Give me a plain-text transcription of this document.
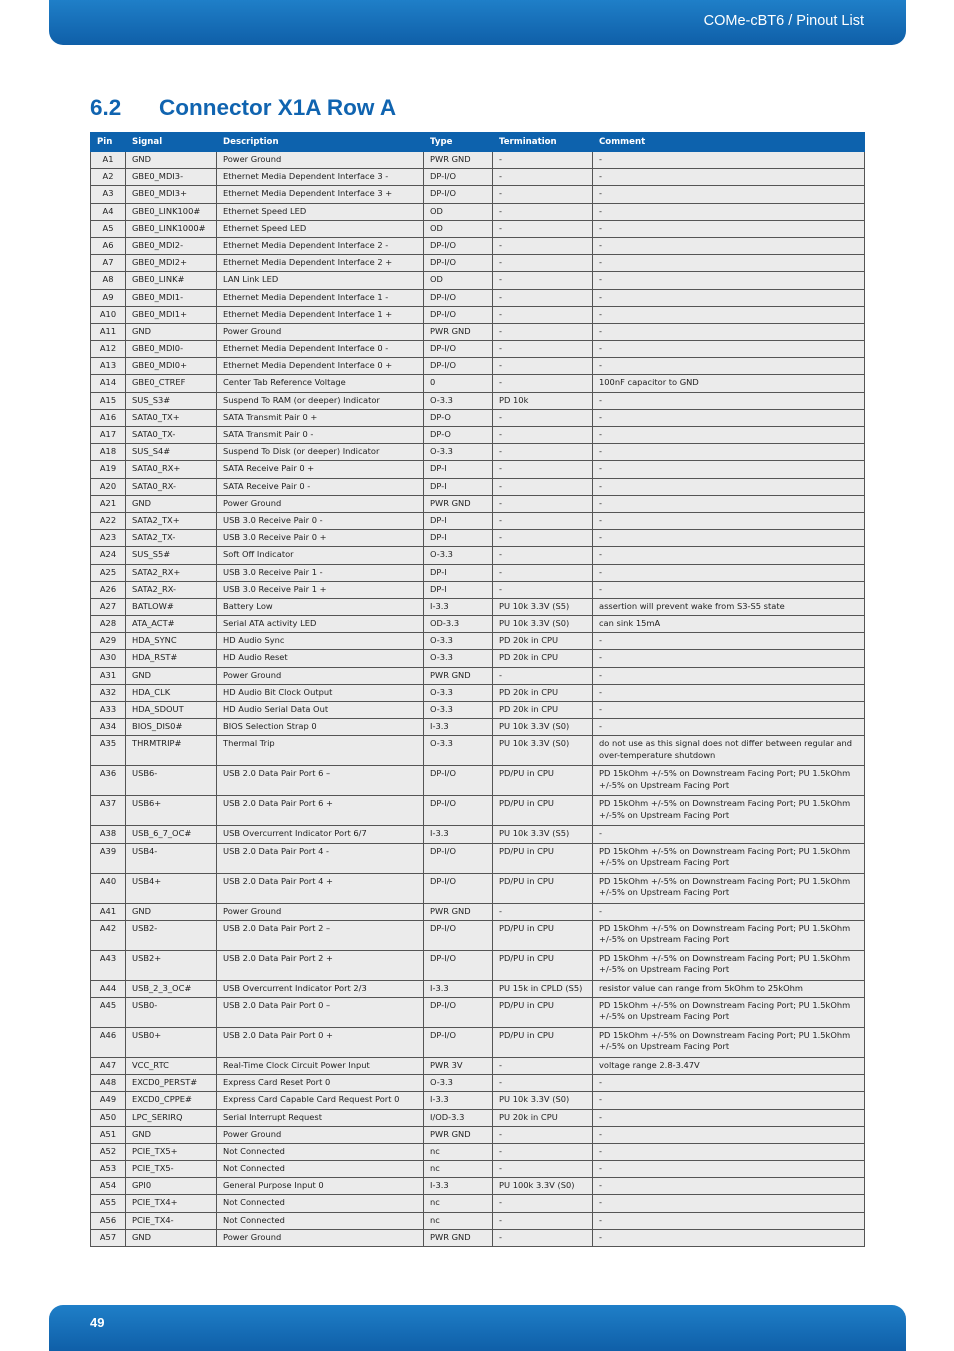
COMe-cBT6 / Pinout List
6.2 Connector X1A Row A
Pin	Signal	Description	Type	Termination	Comment
A1	GND	Power Ground	PWR GND	-	-
A2	GBE0_MDI3-	Ethernet Media Dependent Interface 3 -	DP-I/O	-	-
A3	GBE0_MDI3+	Ethernet Media Dependent Interface 3 +	DP-I/O	-	-
A4	GBE0_LINK100#	Ethernet Speed LED	OD	-	-
A5	GBE0_LINK1000#	Ethernet Speed LED	OD	-	-
A6	GBE0_MDI2-	Ethernet Media Dependent Interface 2 -	DP-I/O	-	-
A7	GBE0_MDI2+	Ethernet Media Dependent Interface 2 +	DP-I/O	-	-
A8	GBE0_LINK#	LAN Link LED	OD	-	-
A9	GBE0_MDI1-	Ethernet Media Dependent Interface 1 -	DP-I/O	-	-
A10	GBE0_MDI1+	Ethernet Media Dependent Interface 1 +	DP-I/O	-	-
A11	GND	Power Ground	PWR GND	-	-
A12	GBE0_MDI0-	Ethernet Media Dependent Interface 0 -	DP-I/O	-	-
A13	GBE0_MDI0+	Ethernet Media Dependent Interface 0 +	DP-I/O	-	-
A14	GBE0_CTREF	Center Tab Reference Voltage	0	-	100nF capacitor to GND
A15	SUS_S3#	Suspend To RAM (or deeper) Indicator	O-3.3	PD 10k	-
A16	SATA0_TX+	SATA Transmit Pair 0 +	DP-O	-	-
A17	SATA0_TX-	SATA Transmit Pair 0 -	DP-O	-	-
A18	SUS_S4#	Suspend To Disk (or deeper) Indicator	O-3.3	-	-
A19	SATA0_RX+	SATA Receive Pair 0 +	DP-I	-	-
A20	SATA0_RX-	SATA Receive Pair 0 -	DP-I	-	-
A21	GND	Power Ground	PWR GND	-	-
A22	SATA2_TX+	USB 3.0 Receive Pair 0 -	DP-I	-	-
A23	SATA2_TX-	USB 3.0 Receive Pair 0 +	DP-I	-	-
A24	SUS_S5#	Soft Off Indicator	O-3.3	-	-
A25	SATA2_RX+	USB 3.0 Receive Pair 1 -	DP-I	-	-
A26	SATA2_RX-	USB 3.0 Receive Pair 1 +	DP-I	-	-
A27	BATLOW#	Battery Low	I-3.3	PU 10k 3.3V (S5)	assertion will prevent wake from S3-S5 state
A28	ATA_ACT#	Serial ATA activity LED	OD-3.3	PU 10k 3.3V (S0)	can sink 15mA
A29	HDA_SYNC	HD Audio Sync	O-3.3	PD 20k in CPU	-
A30	HDA_RST#	HD Audio Reset	O-3.3	PD 20k in CPU	-
A31	GND	Power Ground	PWR GND	-	-
A32	HDA_CLK	HD Audio Bit Clock Output	O-3.3	PD 20k in CPU	-
A33	HDA_SDOUT	HD Audio Serial Data Out	O-3.3	PD 20k in CPU	-
A34	BIOS_DIS0#	BIOS Selection Strap 0	I-3.3	PU 10k 3.3V (S0)	-
A35	THRMTRIP#	Thermal Trip	O-3.3	PU 10k 3.3V (S0)	do not use as this signal does not differ between regular and over-temperature shutdown
A36	USB6-	USB 2.0 Data Pair Port 6 –	DP-I/O	PD/PU in CPU	PD 15kOhm +/-5% on Downstream Facing Port; PU 1.5kOhm +/-5% on Upstream Facing Port
A37	USB6+	USB 2.0 Data Pair Port 6 +	DP-I/O	PD/PU in CPU	PD 15kOhm +/-5% on Downstream Facing Port; PU 1.5kOhm +/-5% on Upstream Facing Port
A38	USB_6_7_OC#	USB Overcurrent Indicator Port 6/7	I-3.3	PU 10k 3.3V (S5)	-
A39	USB4-	USB 2.0 Data Pair Port 4 -	DP-I/O	PD/PU in CPU	PD 15kOhm +/-5% on Downstream Facing Port; PU 1.5kOhm +/-5% on Upstream Facing Port
A40	USB4+	USB 2.0 Data Pair Port 4 +	DP-I/O	PD/PU in CPU	PD 15kOhm +/-5% on Downstream Facing Port; PU 1.5kOhm +/-5% on Upstream Facing Port
A41	GND	Power Ground	PWR GND	-	-
A42	USB2-	USB 2.0 Data Pair Port 2 –	DP-I/O	PD/PU in CPU	PD 15kOhm +/-5% on Downstream Facing Port; PU 1.5kOhm +/-5% on Upstream Facing Port
A43	USB2+	USB 2.0 Data Pair Port 2 +	DP-I/O	PD/PU in CPU	PD 15kOhm +/-5% on Downstream Facing Port; PU 1.5kOhm +/-5% on Upstream Facing Port
A44	USB_2_3_OC#	USB Overcurrent Indicator Port 2/3	I-3.3	PU 15k in CPLD (S5)	resistor value can range from 5kOhm to 25kOhm
A45	USB0-	USB 2.0 Data Pair Port 0 –	DP-I/O	PD/PU in CPU	PD 15kOhm +/-5% on Downstream Facing Port; PU 1.5kOhm +/-5% on Upstream Facing Port
A46	USB0+	USB 2.0 Data Pair Port 0 +	DP-I/O	PD/PU in CPU	PD 15kOhm +/-5% on Downstream Facing Port; PU 1.5kOhm +/-5% on Upstream Facing Port
A47	VCC_RTC	Real-Time Clock Circuit Power Input	PWR 3V	-	voltage range 2.8-3.47V
A48	EXCD0_PERST#	Express Card Reset Port 0	O-3.3	-	-
A49	EXCD0_CPPE#	Express Card Capable Card Request Port 0	I-3.3	PU 10k 3.3V (S0)	-
A50	LPC_SERIRQ	Serial Interrupt Request	I/OD-3.3	PU 20k in CPU	-
A51	GND	Power Ground	PWR GND	-	-
A52	PCIE_TX5+	Not Connected	nc	-	-
A53	PCIE_TX5-	Not Connected	nc	-	-
A54	GPI0	General Purpose Input 0	I-3.3	PU 100k 3.3V (S0)	-
A55	PCIE_TX4+	Not Connected	nc	-	-
A56	PCIE_TX4-	Not Connected	nc	-	-
A57	GND	Power Ground	PWR GND	-	-
49
